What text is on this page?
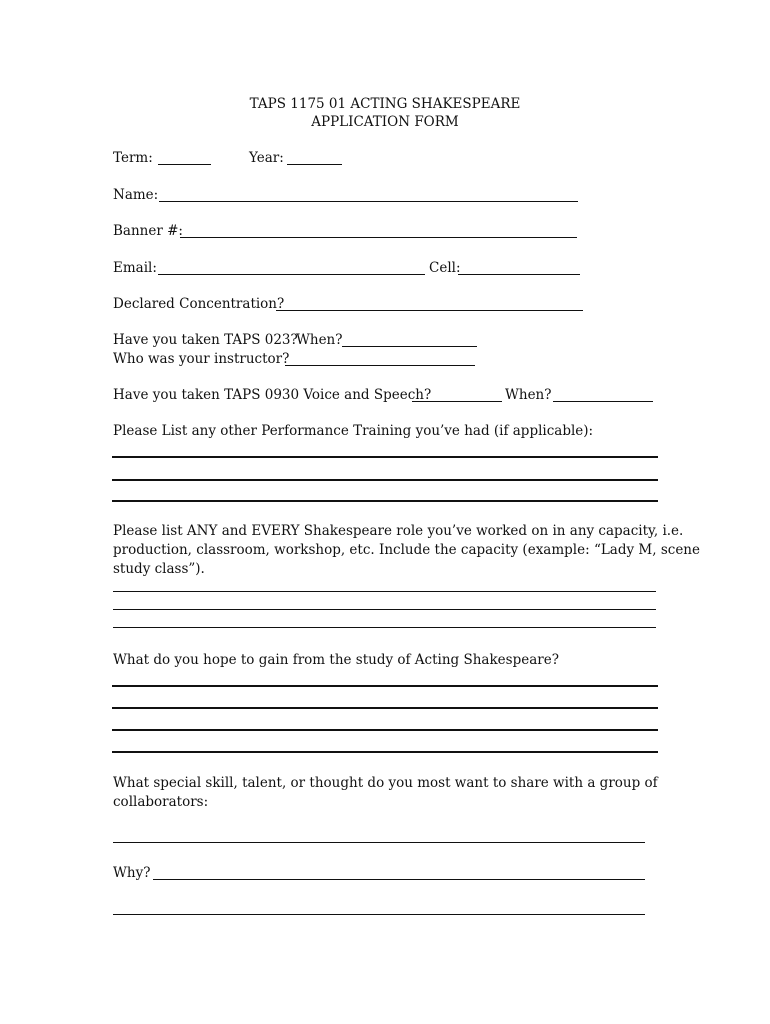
TAPS 1175 01 ACTING SHAKESPEARE
APPLICATION FORM
Term:	Year:
Name:
Banner #:
Email:	Cell:
Declared Concentration?
Have you taken TAPS 023?
When?
Who was your instructor?
Have you taken TAPS 0930 Voice and Speech?	When?
Please List any other Performance Training you’ve had (if applicable):
Please list ANY and EVERY Shakespeare role you’ve worked on in any capacity, i.e.
production, classroom, workshop, etc. Include the capacity (example: “Lady M, scene
study class”).
What do you hope to gain from the study of Acting Shakespeare?
What special skill, talent, or thought do you most want to share with a group of
collaborators:
Why?
